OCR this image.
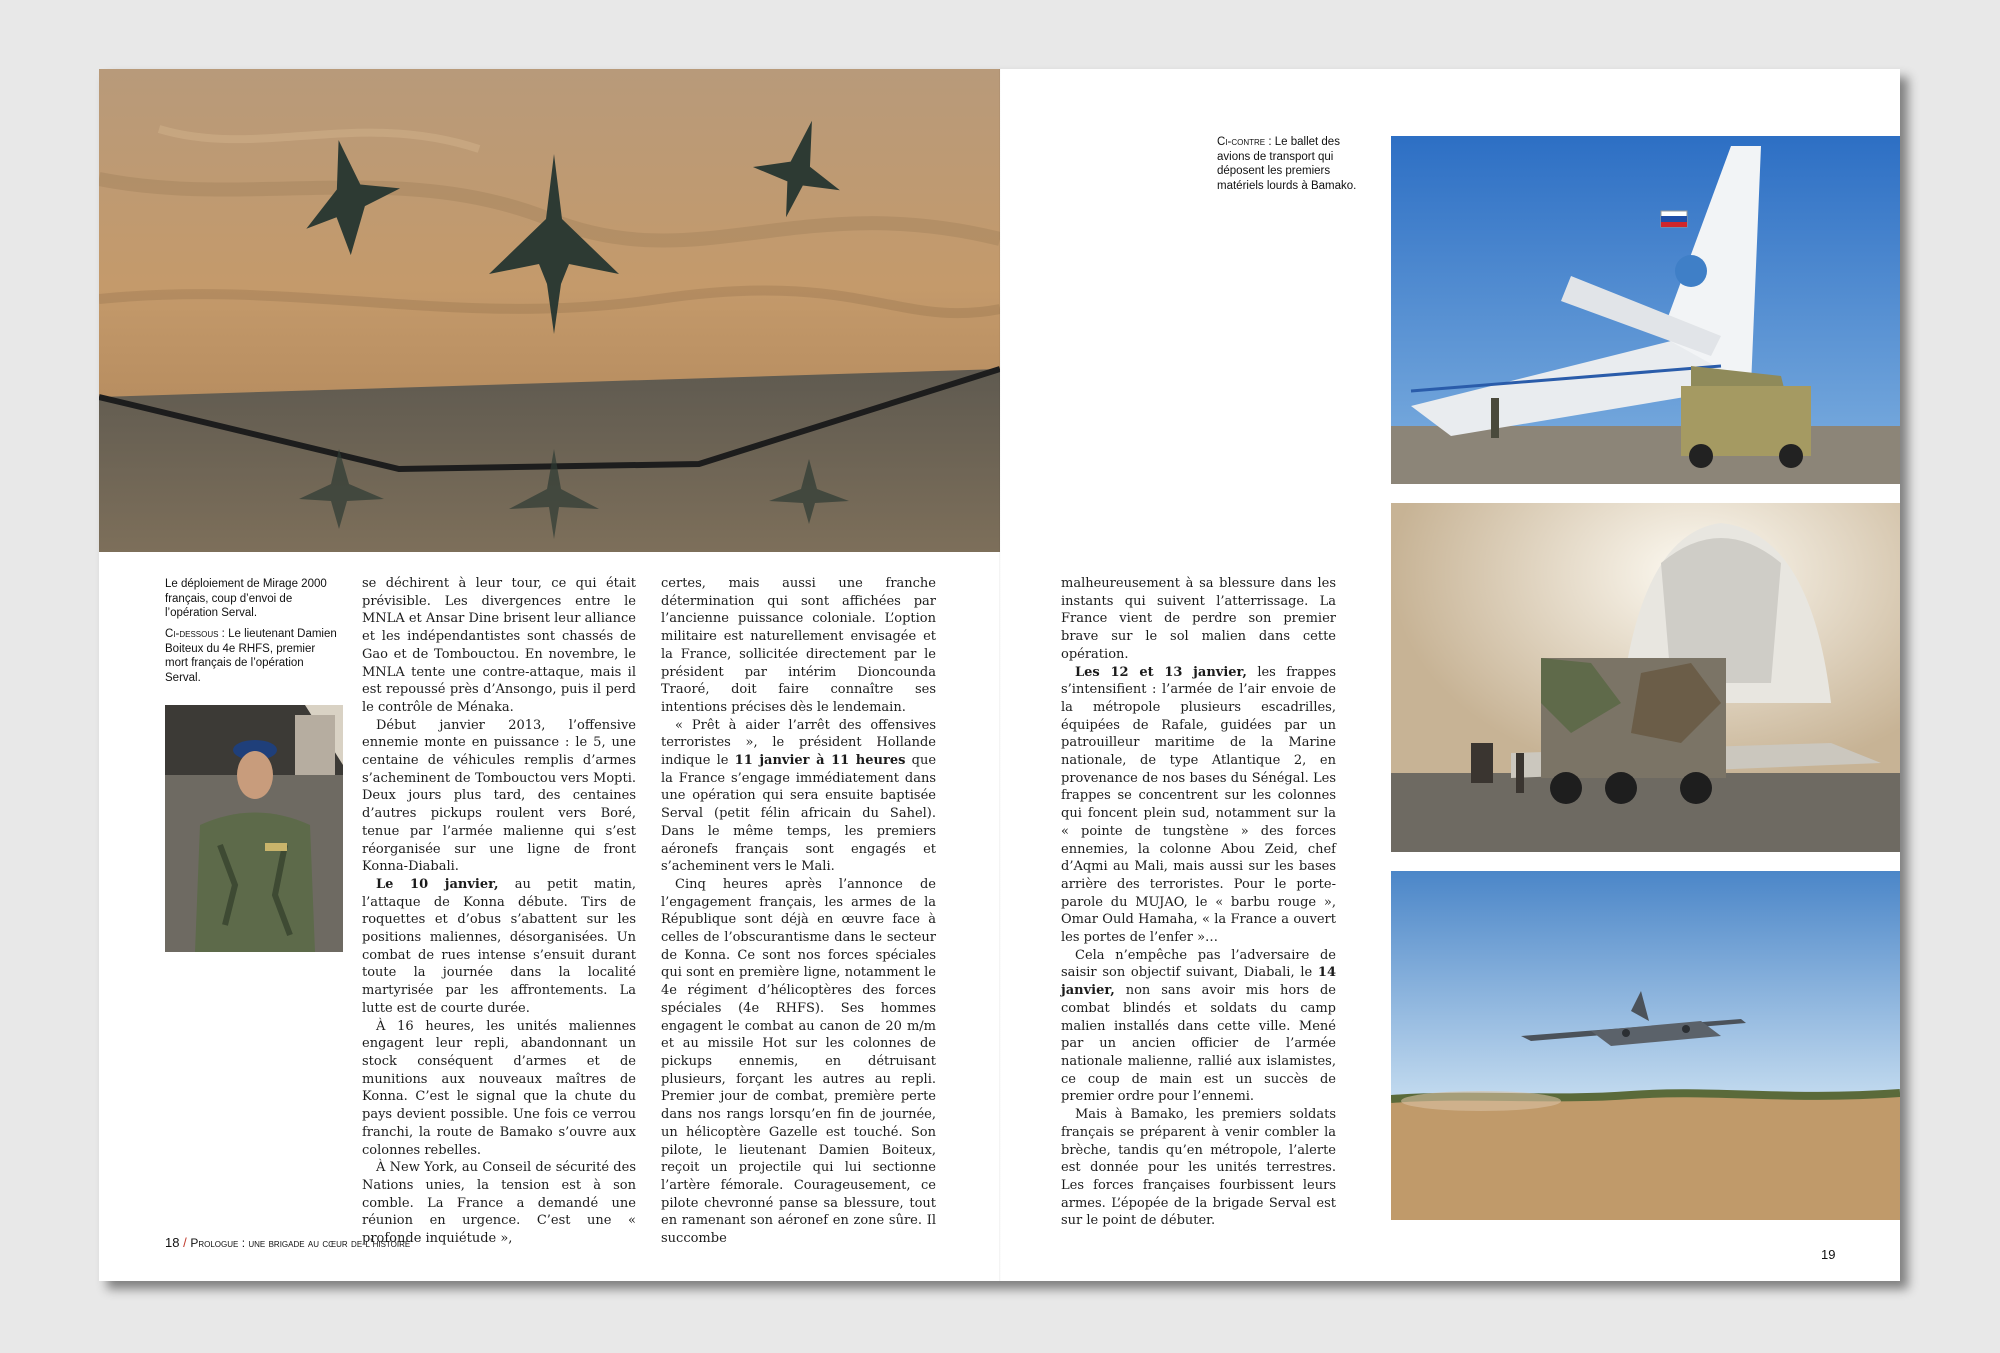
Le déploiement de Mirage 2000 français, coup d’envoi de l’opération Serval.
Ci-dessous : Le lieutenant Damien Boiteux du 4e RHFS, premier mort français de l’opération Serval.

se déchirent à leur tour, ce qui était prévisible. Les divergences entre le MNLA et Ansar Dine brisent leur alliance et les indépendantistes sont chassés de Gao et de Tombouctou. En novembre, le MNLA tente une contre-attaque, mais il est repoussé près d’Ansongo, puis il perd le contrôle de Ménaka.

Début janvier 2013, l’offensive ennemie monte en puissance : le 5, une centaine de véhicules remplis d’armes s’acheminent de Tombouctou vers Mopti. Deux jours plus tard, des centaines d’autres pickups roulent vers Boré, tenue par l’armée malienne qui s’est réorganisée sur une ligne de front Konna-Diabali.

Le 10 janvier, au petit matin, l’attaque de Konna débute. Tirs de roquettes et d’obus s’abattent sur les positions maliennes, désorganisées. Un combat de rues intense s’ensuit durant toute la journée dans la localité martyrisée par les affrontements. La lutte est de courte durée.

À 16 heures, les unités maliennes engagent leur repli, abandonnant un stock conséquent d’armes et de munitions aux nouveaux maîtres de Konna. C’est le signal que la chute du pays devient possible. Une fois ce verrou franchi, la route de Bamako s’ouvre aux colonnes rebelles.

À New York, au Conseil de sécurité des Nations unies, la tension est à son comble. La France a demandé une réunion en urgence. C’est une « profonde inquiétude »,

certes, mais aussi une franche détermination qui sont affichées par l’ancienne puissance coloniale. L’option militaire est naturellement envisagée et la France, sollicitée directement par le président par intérim Dioncounda Traoré, doit faire connaître ses intentions précises dès le lendemain.

« Prêt à aider l’arrêt des offensives terroristes », le président Hollande indique le 11 janvier à 11 heures que la France s’engage immédiatement dans une opération qui sera ensuite baptisée Serval (petit félin africain du Sahel). Dans le même temps, les premiers aéronefs français sont engagés et s’acheminent vers le Mali.

Cinq heures après l’annonce de l’engagement français, les armes de la République sont déjà en œuvre face à celles de l’obscurantisme dans le secteur de Konna. Ce sont nos forces spéciales qui sont en première ligne, notamment le 4e régiment d’hélicoptères des forces spéciales (4e RHFS). Ses hommes engagent le combat au canon de 20 m/m et au missile Hot sur les colonnes de pickups ennemis, en détruisant plusieurs, forçant les autres au repli. Premier jour de combat, première perte dans nos rangs lorsqu’en fin de journée, un hélicoptère Gazelle est touché. Son pilote, le lieutenant Damien Boiteux, reçoit un projectile qui lui sectionne l’artère fémorale. Courageusement, ce pilote chevronné panse sa blessure, tout en ramenant son aéronef en zone sûre. Il succombe

18 / Prologue : une brigade au cœur de l’histoire
Ci-contre : Le ballet des avions de transport qui déposent les premiers matériels lourds à Bamako.

malheureusement à sa blessure dans les instants qui suivent l’atterrissage. La France vient de perdre son premier brave sur le sol malien dans cette opération.

Les 12 et 13 janvier, les frappes s’intensifient : l’armée de l’air envoie de la métropole plusieurs escadrilles, équipées de Rafale, guidées par un patrouilleur maritime de la Marine nationale, de type Atlantique 2, en provenance de nos bases du Sénégal. Les frappes se concentrent sur les colonnes qui foncent plein sud, notamment sur la « pointe de tungstène » des forces ennemies, la colonne Abou Zeid, chef d’Aqmi au Mali, mais aussi sur les bases arrière des terroristes. Pour le porte-parole du MUJAO, le « barbu rouge », Omar Ould Hamaha, « la France a ouvert les portes de l’enfer »…

Cela n’empêche pas l’adversaire de saisir son objectif suivant, Diabali, le 14 janvier, non sans avoir mis hors de combat blindés et soldats du camp malien installés dans cette ville. Mené par un ancien officier de l’armée nationale malienne, rallié aux islamistes, ce coup de main est un succès de premier ordre pour l’ennemi.

Mais à Bamako, les premiers soldats français se préparent à venir combler la brèche, tandis qu’en métropole, l’alerte est donnée pour les unités terrestres. Les forces françaises fourbissent leurs armes. L’épopée de la brigade Serval est sur le point de débuter.

19
